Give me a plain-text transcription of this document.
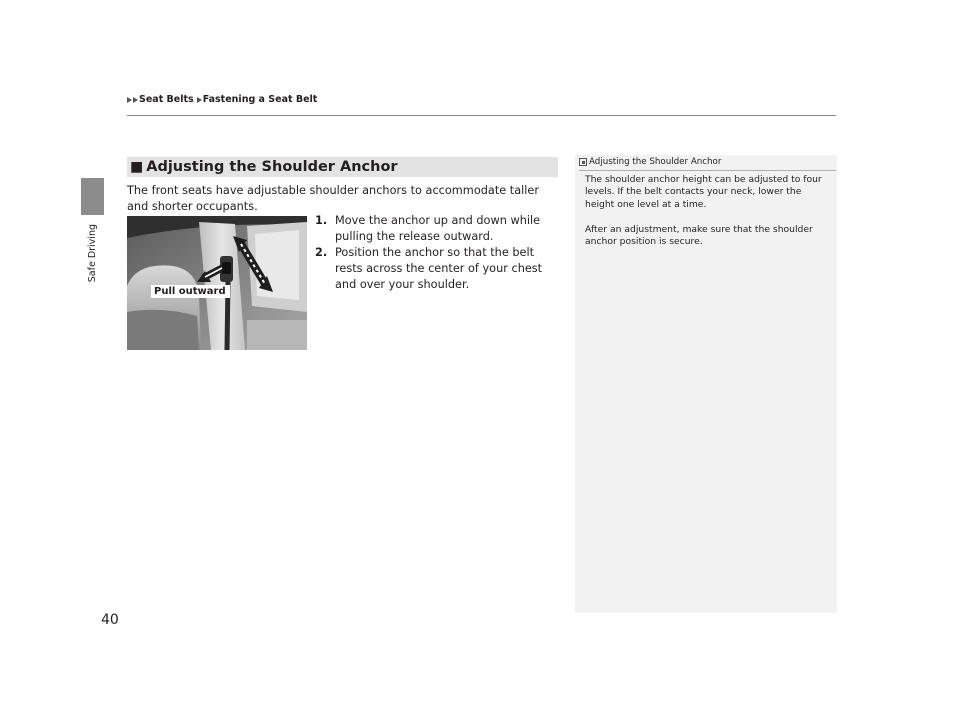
Seat Belts Fastening a Seat Belt
Safe Driving
■ Adjusting the Shoulder Anchor
The front seats have adjustable shoulder anchors to accommodate taller and shorter occupants.
Pull outward
1. Move the anchor up and down while pulling the release outward.
2. Position the anchor so that the belt rests across the center of your chest and over your shoulder.
Adjusting the Shoulder Anchor

The shoulder anchor height can be adjusted to four levels. If the belt contacts your neck, lower the height one level at a time.

After an adjustment, make sure that the shoulder anchor position is secure.

40
